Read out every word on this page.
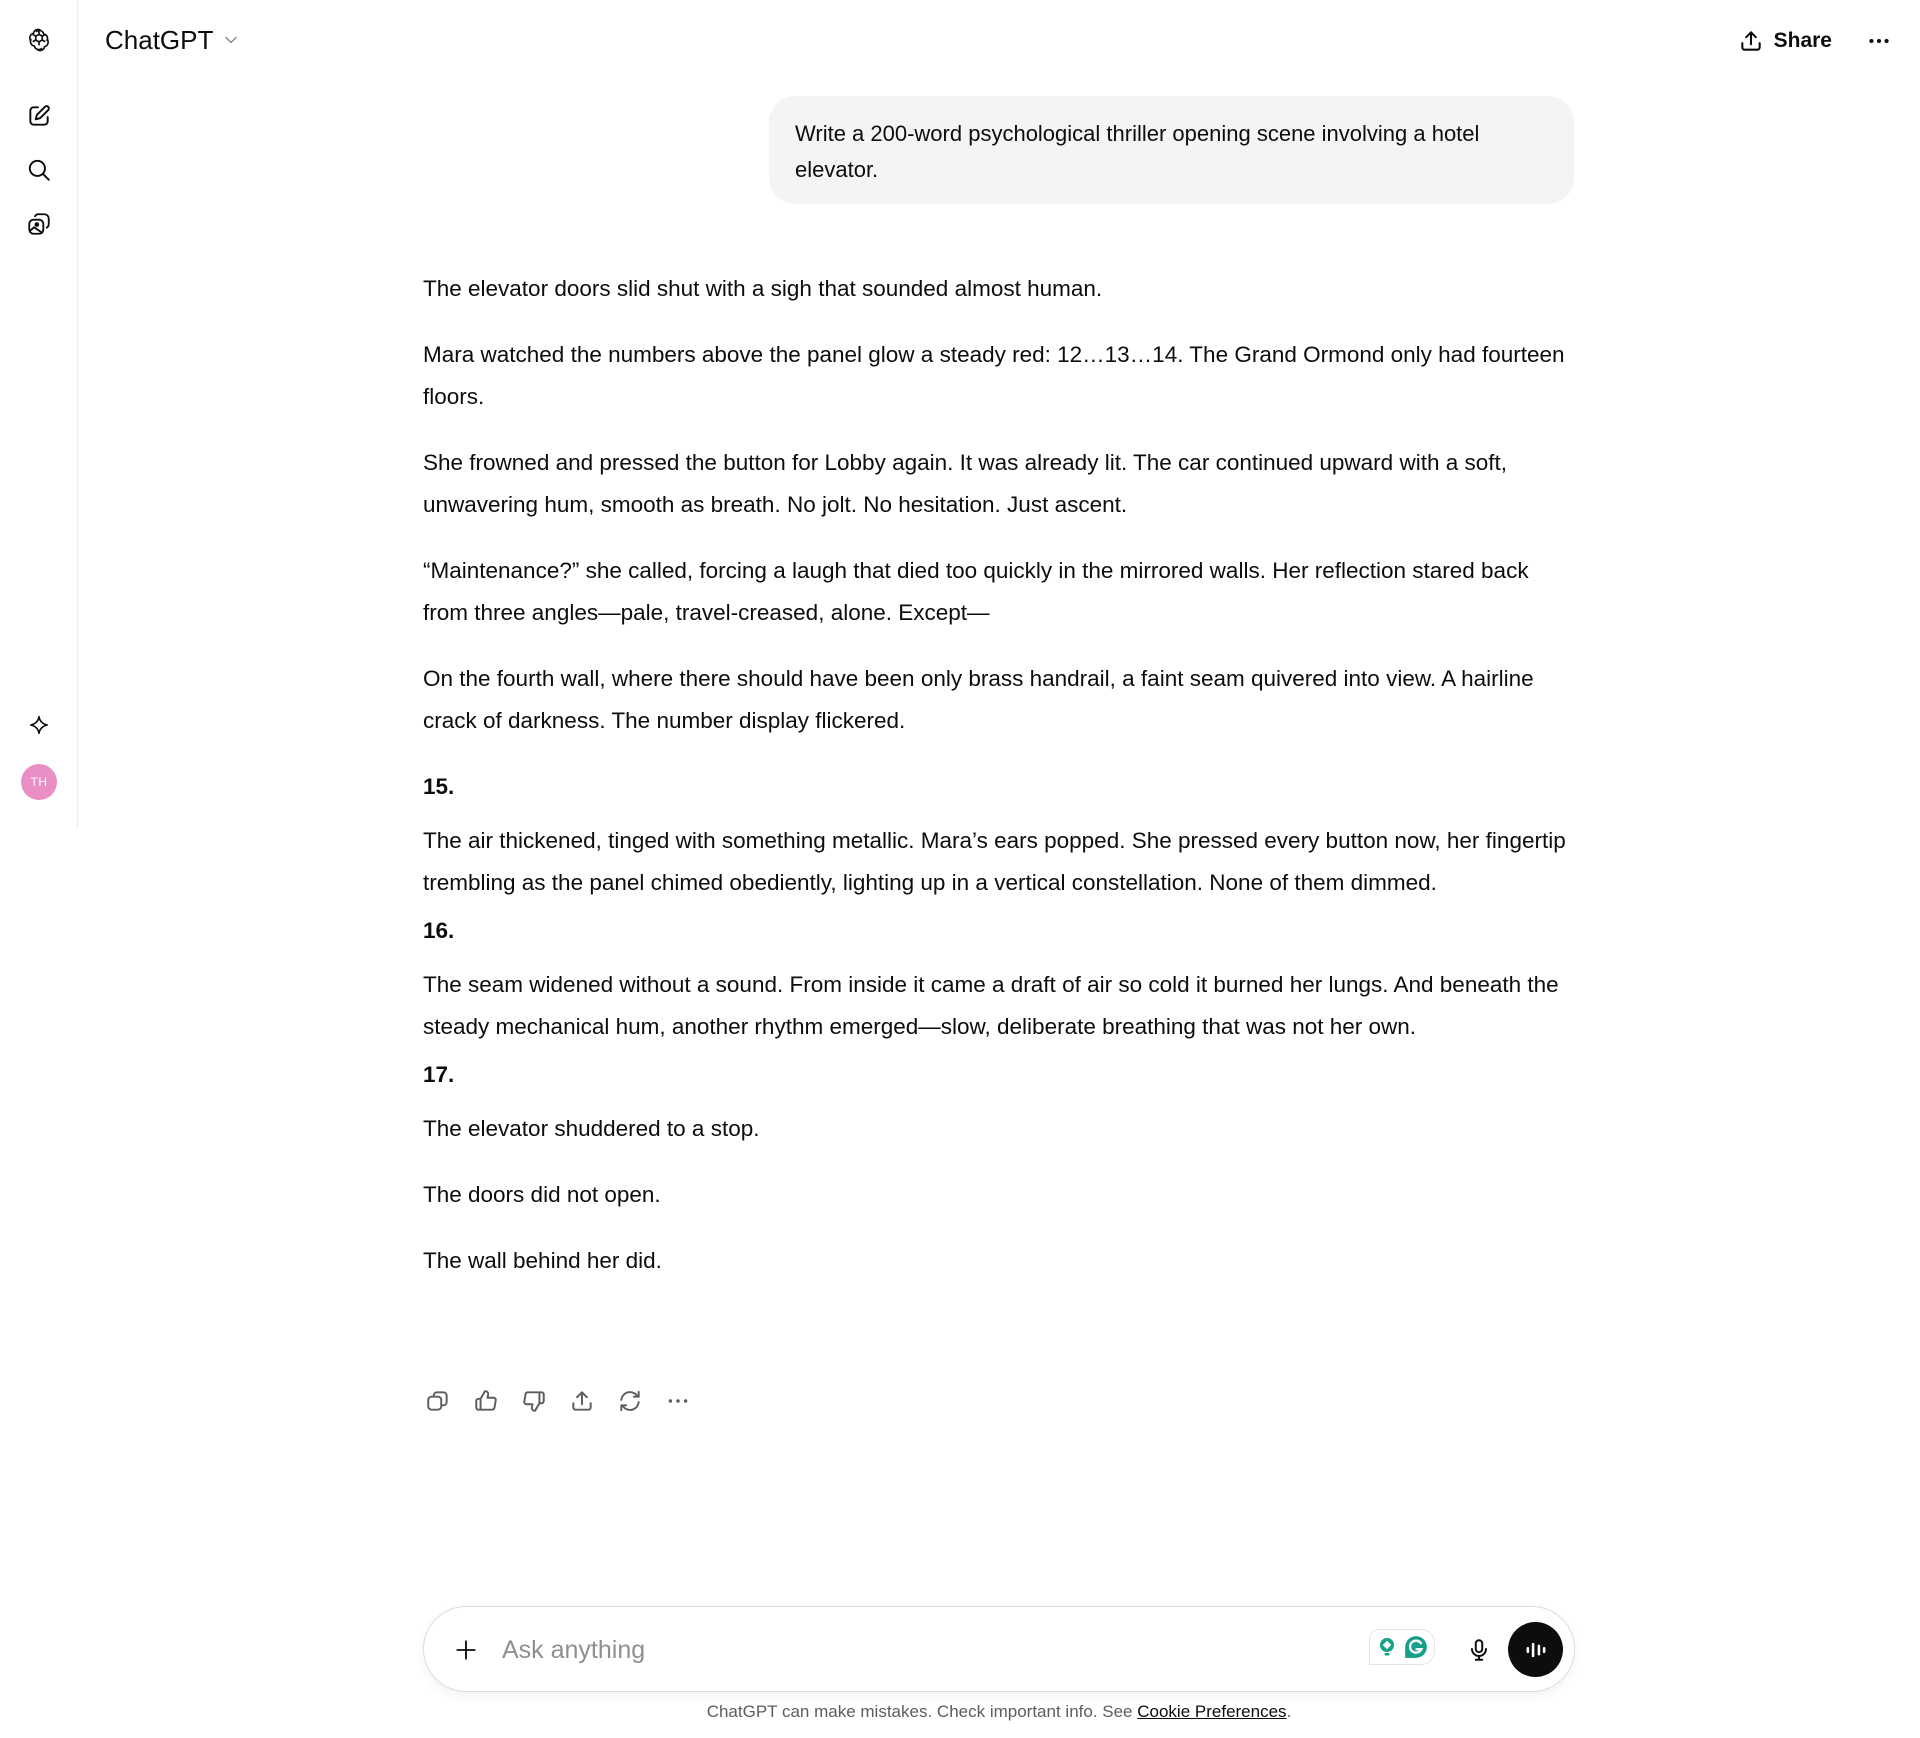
TH
ChatGPT	Share
Write a 200-word psychological thriller opening scene involving a hotel elevator.

The elevator doors slid shut with a sigh that sounded almost human.

Mara watched the numbers above the panel glow a steady red: 12…13…14. The Grand Ormond only had fourteen floors.

She frowned and pressed the button for Lobby again. It was already lit. The car continued upward with a soft, unwavering hum, smooth as breath. No jolt. No hesitation. Just ascent.

“Maintenance?” she called, forcing a laugh that died too quickly in the mirrored walls. Her reflection stared back from three angles—pale, travel-creased, alone. Except—

On the fourth wall, where there should have been only brass handrail, a faint seam quivered into view. A hairline crack of darkness. The number display flickered.

15.

The air thickened, tinged with something metallic. Mara’s ears popped. She pressed every button now, her fingertip trembling as the panel chimed obediently, lighting up in a vertical constellation. None of them dimmed.

16.

The seam widened without a sound. From inside it came a draft of air so cold it burned her lungs. And beneath the steady mechanical hum, another rhythm emerged—slow, deliberate breathing that was not her own.

17.

The elevator shuddered to a stop.

The doors did not open.

The wall behind her did.

Ask anything
ChatGPT can make mistakes. Check important info. See Cookie Preferences.
